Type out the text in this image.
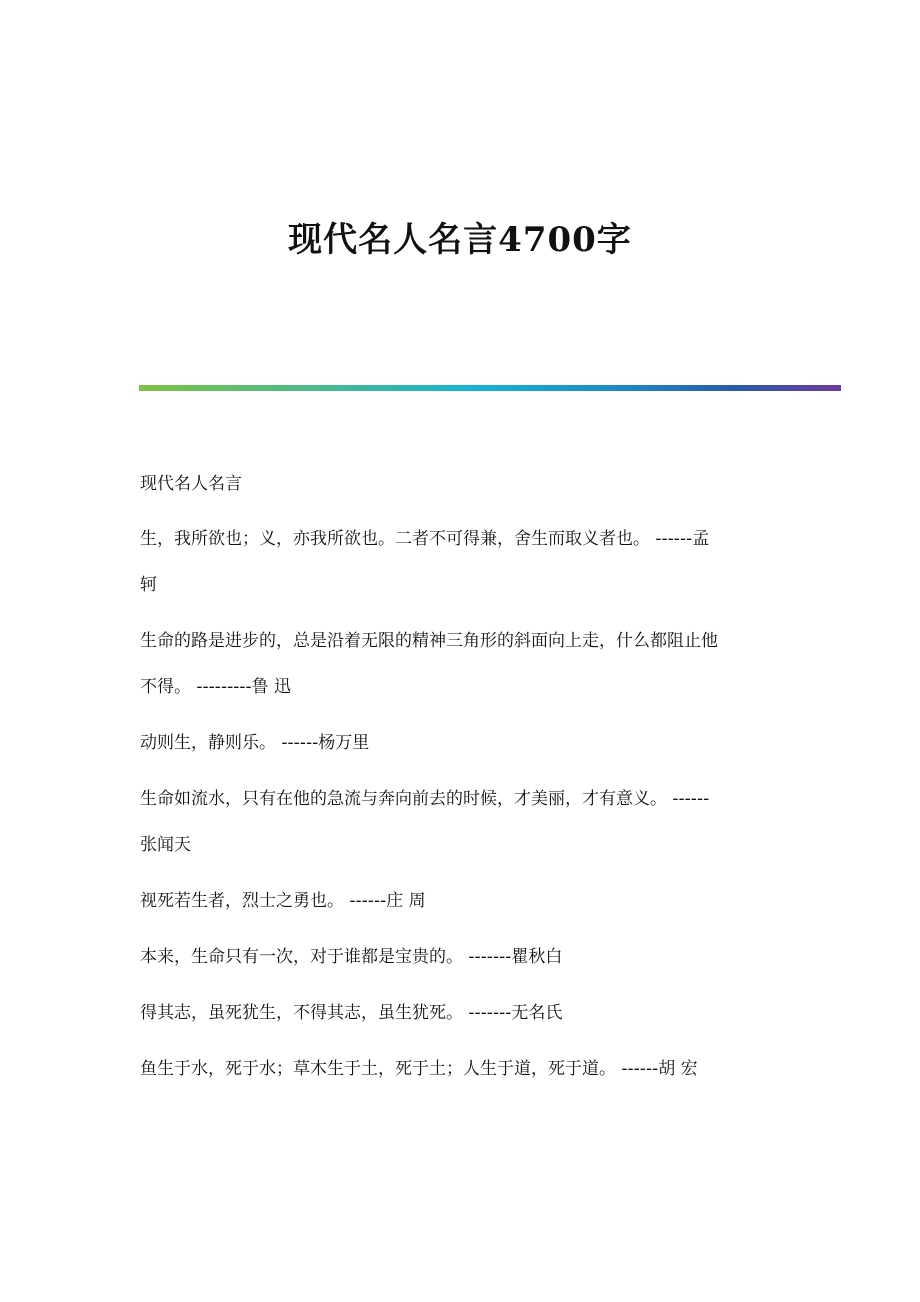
现代名人名言4700字

现代名人名言

生，我所欲也；义，亦我所欲也。二者不可得兼，舍生而取义者也。 ------孟
轲
生命的路是进步的，总是沿着无限的精神三角形的斜面向上走，什么都阻止他
不得。 ---------鲁 迅
动则生，静则乐。 ------杨万里
生命如流水，只有在他的急流与奔向前去的时候，才美丽，才有意义。 ------
张闻天
视死若生者，烈士之勇也。 ------庄 周
本来，生命只有一次，对于谁都是宝贵的。 -------瞿秋白
得其志，虽死犹生，不得其志，虽生犹死。 -------无名氏
鱼生于水，死于水；草木生于土，死于土；人生于道，死于道。 ------胡 宏
